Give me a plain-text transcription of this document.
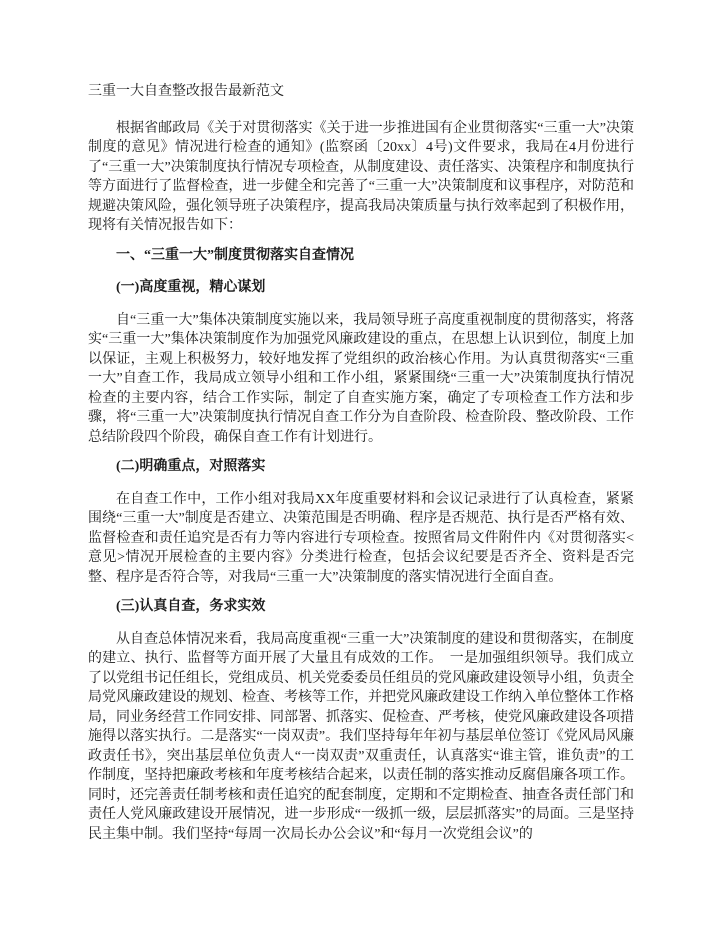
三重一大自查整改报告最新范文

根据省邮政局《关于对贯彻落实《关于进一步推进国有企业贯彻落实“三重一大”决策制度的意见》情况进行检查的通知》(监察函〔20xx〕4号)文件要求，我局在4月份进行了“三重一大”决策制度执行情况专项检查，从制度建设、责任落实、决策程序和制度执行等方面进行了监督检查，进一步健全和完善了“三重一大”决策制度和议事程序，对防范和规避决策风险，强化领导班子决策程序，提高我局决策质量与执行效率起到了积极作用，现将有关情况报告如下：

一、“三重一大”制度贯彻落实自查情况

(一)高度重视，精心谋划

自“三重一大”集体决策制度实施以来，我局领导班子高度重视制度的贯彻落实，将落实“三重一大”集体决策制度作为加强党风廉政建设的重点，在思想上认识到位，制度上加以保证，主观上积极努力，较好地发挥了党组织的政治核心作用。为认真贯彻落实“三重一大”自查工作，我局成立领导小组和工作小组，紧紧围绕“三重一大”决策制度执行情况检查的主要内容，结合工作实际，制定了自查实施方案，确定了专项检查工作方法和步骤，将“三重一大”决策制度执行情况自查工作分为自查阶段、检查阶段、整改阶段、工作总结阶段四个阶段，确保自查工作有计划进行。

(二)明确重点，对照落实

在自查工作中，工作小组对我局XX年度重要材料和会议记录进行了认真检查，紧紧围绕“三重一大”制度是否建立、决策范围是否明确、程序是否规范、执行是否严格有效、监督检查和责任追究是否有力等内容进行专项检查。按照省局文件附件内《对贯彻落实<意见>情况开展检查的主要内容》分类进行检查，包括会议纪要是否齐全、资料是否完整、程序是否符合等，对我局“三重一大”决策制度的落实情况进行全面自查。

(三)认真自查，务求实效

从自查总体情况来看，我局高度重视“三重一大”决策制度的建设和贯彻落实，在制度的建立、执行、监督等方面开展了大量且有成效的工作。　一是加强组织领导。我们成立了以党组书记任组长，党组成员、机关党委委员任组员的党风廉政建设领导小组，负责全局党风廉政建设的规划、检查、考核等工作，并把党风廉政建设工作纳入单位整体工作格局，同业务经营工作同安排、同部署、抓落实、促检查、严考核，使党风廉政建设各项措施得以落实执行。二是落实“一岗双责”。我们坚持每年年初与基层单位签订《党风局风廉政责任书》，突出基层单位负责人“一岗双责”双重责任，认真落实“谁主管，谁负责”的工作制度，坚持把廉政考核和年度考核结合起来，以责任制的落实推动反腐倡廉各项工作。同时，还完善责任制考核和责任追究的配套制度，定期和不定期检查、抽查各责任部门和责任人党风廉政建设开展情况，进一步形成“一级抓一级，层层抓落实”的局面。三是坚持民主集中制。我们坚持“每周一次局长办公会议”和“每月一次党组会议”的
